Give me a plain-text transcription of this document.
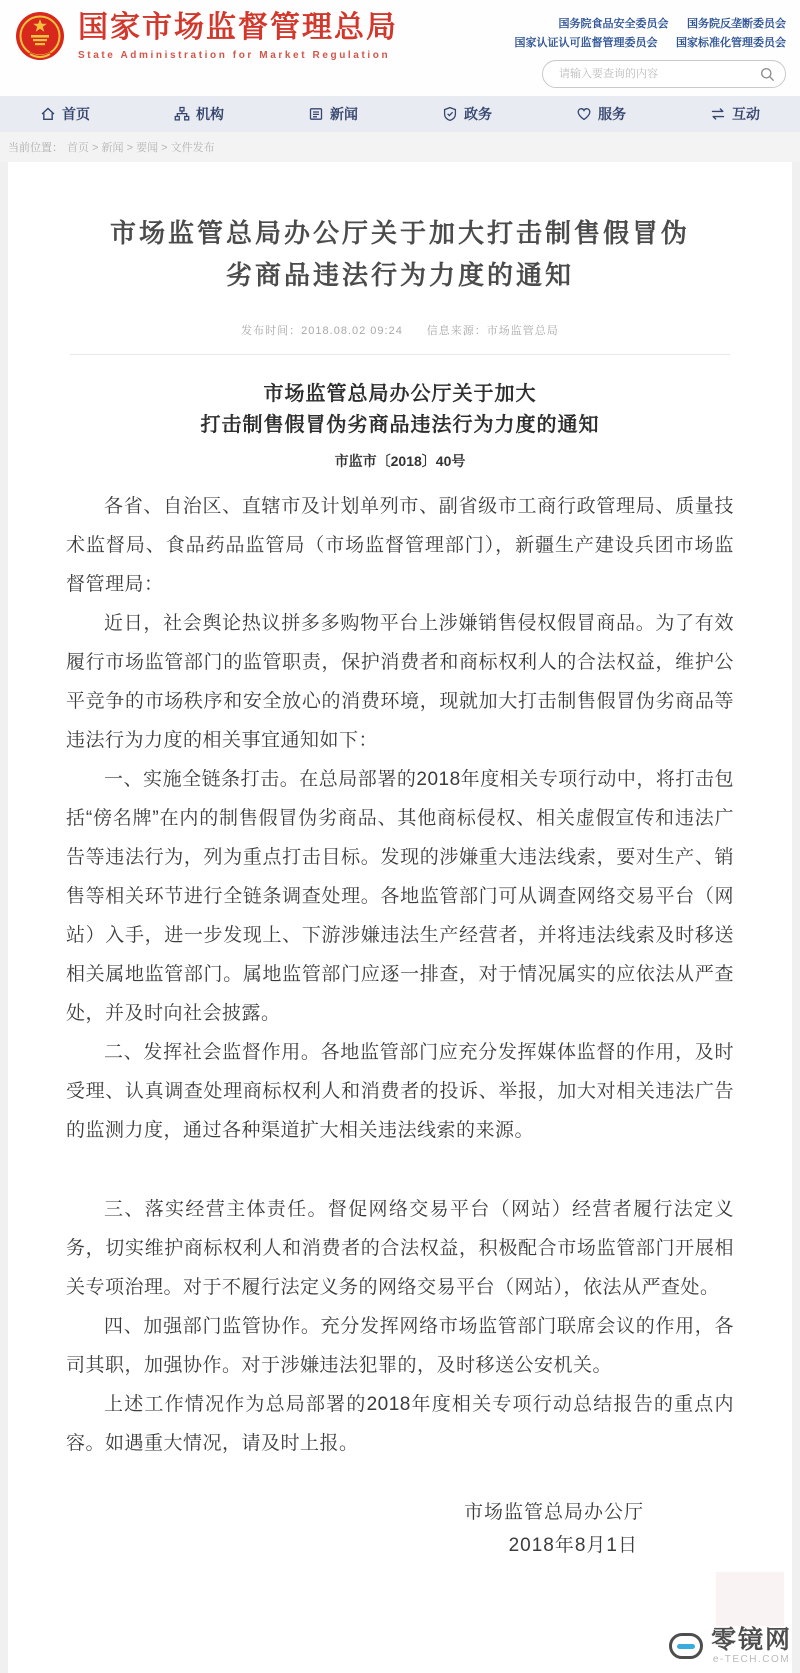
国家市场监督管理总局
State Administration for Market Regulation
国务院食品安全委员会 国务院反垄断委员会
国家认证认可监督管理委员会 国家标准化管理委员会
请输入要查询的内容
首页	机构	新闻	政务	服务	互动
当前位置： 首页 > 新闻 > 要闻 > 文件发布
市场监管总局办公厅关于加大打击制售假冒伪
劣商品违法行为力度的通知
发布时间：2018.08.02 09:24　　信息来源：市场监管总局
市场监管总局办公厅关于加大
打击制售假冒伪劣商品违法行为力度的通知
市监市〔2018〕40号

各省、自治区、直辖市及计划单列市、副省级市工商行政管理局、质量技术监督局、食品药品监管局（市场监督管理部门），新疆生产建设兵团市场监督管理局：

近日，社会舆论热议拼多多购物平台上涉嫌销售侵权假冒商品。为了有效履行市场监管部门的监管职责，保护消费者和商标权利人的合法权益，维护公平竞争的市场秩序和安全放心的消费环境，现就加大打击制售假冒伪劣商品等违法行为力度的相关事宜通知如下：

一、实施全链条打击。在总局部署的2018年度相关专项行动中，将打击包括“傍名牌”在内的制售假冒伪劣商品、其他商标侵权、相关虚假宣传和违法广告等违法行为，列为重点打击目标。发现的涉嫌重大违法线索，要对生产、销售等相关环节进行全链条调查处理。各地监管部门可从调查网络交易平台（网站）入手，进一步发现上、下游涉嫌违法生产经营者，并将违法线索及时移送相关属地监管部门。属地监管部门应逐一排查，对于情况属实的应依法从严查处，并及时向社会披露。

二、发挥社会监督作用。各地监管部门应充分发挥媒体监督的作用，及时受理、认真调查处理商标权利人和消费者的投诉、举报，加大对相关违法广告的监测力度，通过各种渠道扩大相关违法线索的来源。

三、落实经营主体责任。督促网络交易平台（网站）经营者履行法定义务，切实维护商标权利人和消费者的合法权益，积极配合市场监管部门开展相关专项治理。对于不履行法定义务的网络交易平台（网站），依法从严查处。

四、加强部门监管协作。充分发挥网络市场监管部门联席会议的作用，各司其职，加强协作。对于涉嫌违法犯罪的，及时移送公安机关。

上述工作情况作为总局部署的2018年度相关专项行动总结报告的重点内容。如遇重大情况，请及时上报。

市场监管总局办公厅
2018年8月1日
零镜网
e-TECH.COM
